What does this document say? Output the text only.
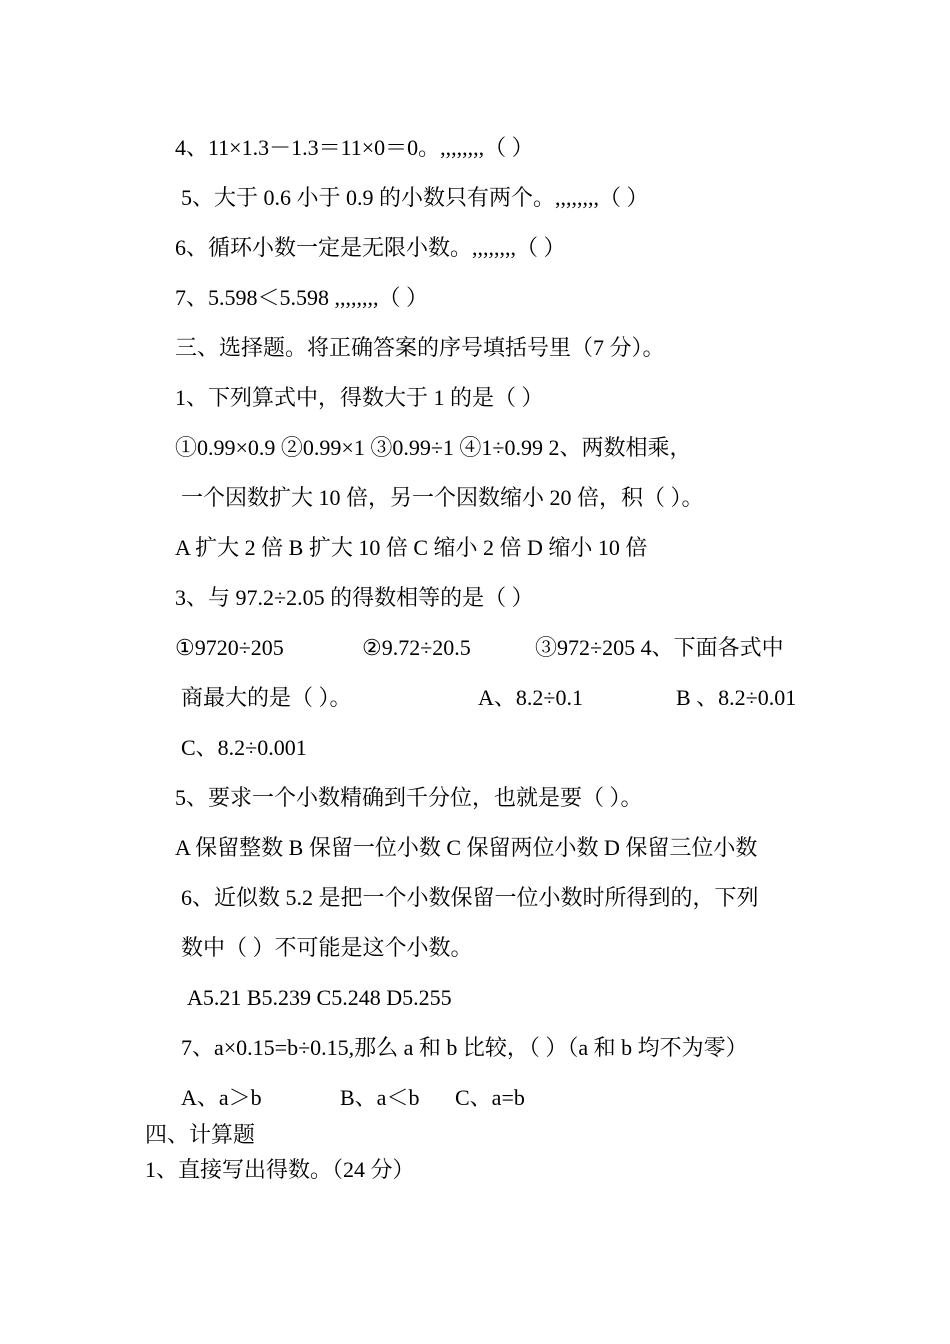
4、11×1.3－1.3＝11×0＝0。,,,,,,,,（ ）
5、大于 0.6 小于 0.9 的小数只有两个。,,,,,,,,（ ）
6、循环小数一定是无限小数。,,,,,,,,（ ）
7、5.598＜5.598 ,,,,,,,,（ ）
三、选择题。将正确答案的序号填括号里（7 分）。
1、下列算式中，得数大于 1 的是（ ）
①0.99×0.9 ②0.99×1 ③0.99÷1 ④1÷0.99 2、两数相乘，
一个因数扩大 10 倍，另一个因数缩小 20 倍，积（ ）。
A 扩大 2 倍 B 扩大 10 倍 C 缩小 2 倍 D 缩小 10 倍
3、与 97.2÷2.05 的得数相等的是（ ）
①9720÷205	②9.72÷20.5	③972÷205 4、下面各式中
商最大的是（ ）。	A、8.2÷0.1	B 、8.2÷0.01
C、8.2÷0.001
5、要求一个小数精确到千分位，也就是要（ ）。
A 保留整数 B 保留一位小数 C 保留两位小数 D 保留三位小数
6、近似数 5.2 是把一个小数保留一位小数时所得到的，下列
数中（ ）不可能是这个小数。
A5.21 B5.239 C5.248 D5.255
7、a×0.15=b÷0.15,那么 a 和 b 比较，（ ）（a 和 b 均不为零）
A、a＞b	B、a＜b C、a=b
四、计算题
1、直接写出得数。（24 分）
